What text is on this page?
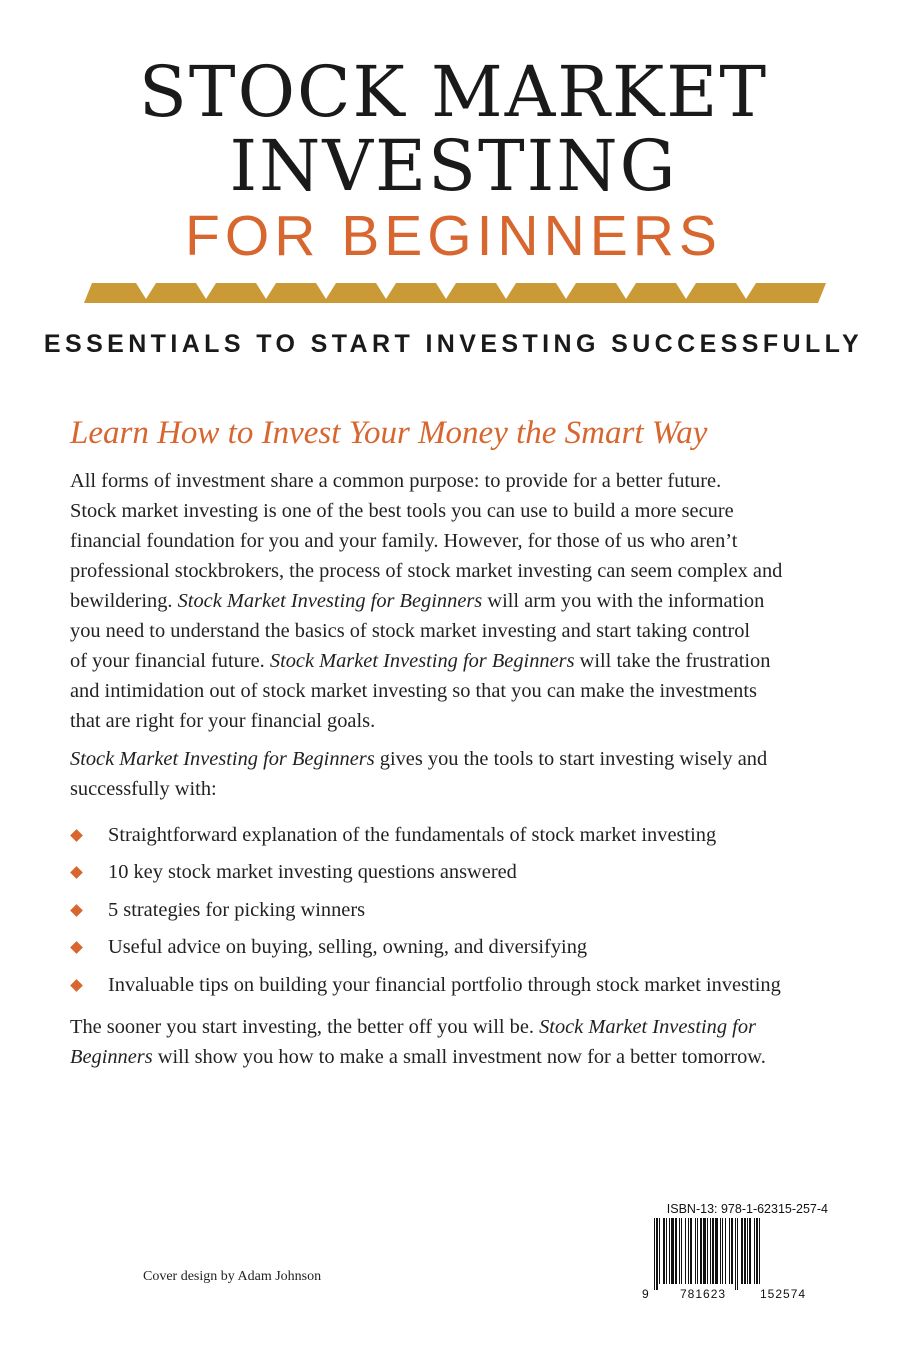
STOCK MARKET
INVESTING
FOR BEGINNERS
ESSENTIALS TO START INVESTING SUCCESSFULLY
Learn How to Invest Your Money the Smart Way
All forms of investment share a common purpose: to provide for a better future.
Stock market investing is one of the best tools you can use to build a more secure
financial foundation for you and your family. However, for those of us who aren’t
professional stockbrokers, the process of stock market investing can seem complex and
bewildering. Stock Market Investing for Beginners will arm you with the information
you need to understand the basics of stock market investing and start taking control
of your financial future. Stock Market Investing for Beginners will take the frustration
and intimidation out of stock market investing so that you can make the investments
that are right for your financial goals.
Stock Market Investing for Beginners gives you the tools to start investing wisely and
successfully with:
Straightforward explanation of the fundamentals of stock market investing
10 key stock market investing questions answered
5 strategies for picking winners
Useful advice on buying, selling, owning, and diversifying
Invaluable tips on building your financial portfolio through stock market investing
The sooner you start investing, the better off you will be. Stock Market Investing for
Beginners will show you how to make a small investment now for a better tomorrow.
Cover design by Adam Johnson
ISBN-13: 978-1-62315-257-4
9	781623	152574
